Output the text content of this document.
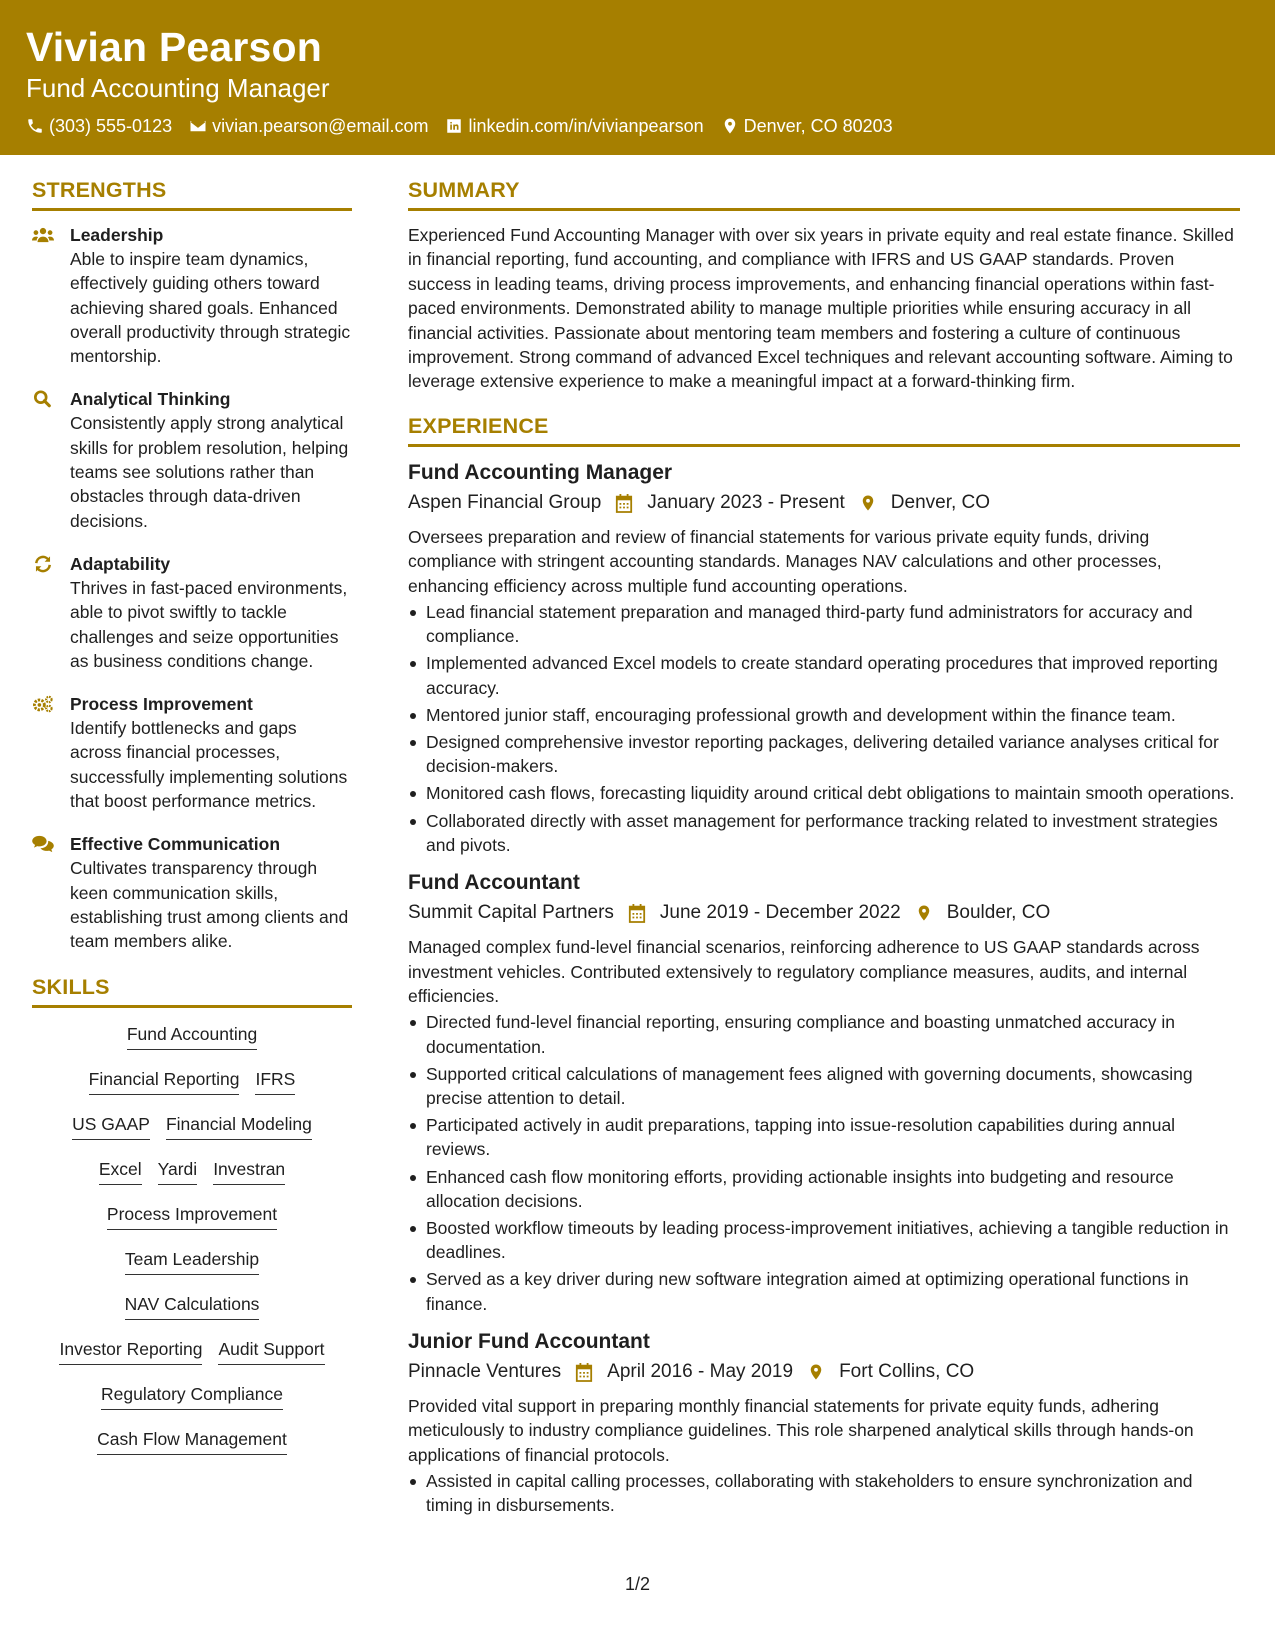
Vivian Pearson
Fund Accounting Manager
(303) 555-0123 vivian.pearson@email.com linkedin.com/in/vivianpearson Denver, CO 80203
STRENGTHS
Leadership
Able to inspire team dynamics, effectively guiding others toward achieving shared goals. Enhanced overall productivity through strategic mentorship.
Analytical Thinking
Consistently apply strong analytical skills for problem resolution, helping teams see solutions rather than obstacles through data-driven decisions.
Adaptability
Thrives in fast-paced environments, able to pivot swiftly to tackle challenges and seize opportunities as business conditions change.
Process Improvement
Identify bottlenecks and gaps across financial processes, successfully implementing solutions that boost performance metrics.
Effective Communication
Cultivates transparency through keen communication skills, establishing trust among clients and team members alike.
SKILLS
Fund Accounting
Financial Reporting IFRS
US GAAP Financial Modeling
Excel Yardi Investran
Process Improvement
Team Leadership
NAV Calculations
Investor Reporting Audit Support
Regulatory Compliance
Cash Flow Management
SUMMARY
Experienced Fund Accounting Manager with over six years in private equity and real estate finance. Skilled in financial reporting, fund accounting, and compliance with IFRS and US GAAP standards. Proven success in leading teams, driving process improvements, and enhancing financial operations within fast-paced environments. Demonstrated ability to manage multiple priorities while ensuring accuracy in all financial activities. Passionate about mentoring team members and fostering a culture of continuous improvement. Strong command of advanced Excel techniques and relevant accounting software. Aiming to leverage extensive experience to make a meaningful impact at a forward-thinking firm.
EXPERIENCE
Fund Accounting Manager
Aspen Financial Group January 2023 - Present Denver, CO
Oversees preparation and review of financial statements for various private equity funds, driving compliance with stringent accounting standards. Manages NAV calculations and other processes, enhancing efficiency across multiple fund accounting operations.
Lead financial statement preparation and managed third-party fund administrators for accuracy and compliance.
Implemented advanced Excel models to create standard operating procedures that improved reporting accuracy.
Mentored junior staff, encouraging professional growth and development within the finance team.
Designed comprehensive investor reporting packages, delivering detailed variance analyses critical for decision-makers.
Monitored cash flows, forecasting liquidity around critical debt obligations to maintain smooth operations.
Collaborated directly with asset management for performance tracking related to investment strategies and pivots.
Fund Accountant
Summit Capital Partners June 2019 - December 2022 Boulder, CO
Managed complex fund-level financial scenarios, reinforcing adherence to US GAAP standards across investment vehicles. Contributed extensively to regulatory compliance measures, audits, and internal efficiencies.
Directed fund-level financial reporting, ensuring compliance and boasting unmatched accuracy in documentation.
Supported critical calculations of management fees aligned with governing documents, showcasing precise attention to detail.
Participated actively in audit preparations, tapping into issue-resolution capabilities during annual reviews.
Enhanced cash flow monitoring efforts, providing actionable insights into budgeting and resource allocation decisions.
Boosted workflow timeouts by leading process-improvement initiatives, achieving a tangible reduction in deadlines.
Served as a key driver during new software integration aimed at optimizing operational functions in finance.
Junior Fund Accountant
Pinnacle Ventures April 2016 - May 2019 Fort Collins, CO
Provided vital support in preparing monthly financial statements for private equity funds, adhering meticulously to industry compliance guidelines. This role sharpened analytical skills through hands-on applications of financial protocols.
Assisted in capital calling processes, collaborating with stakeholders to ensure synchronization and timing in disbursements.
1/2
